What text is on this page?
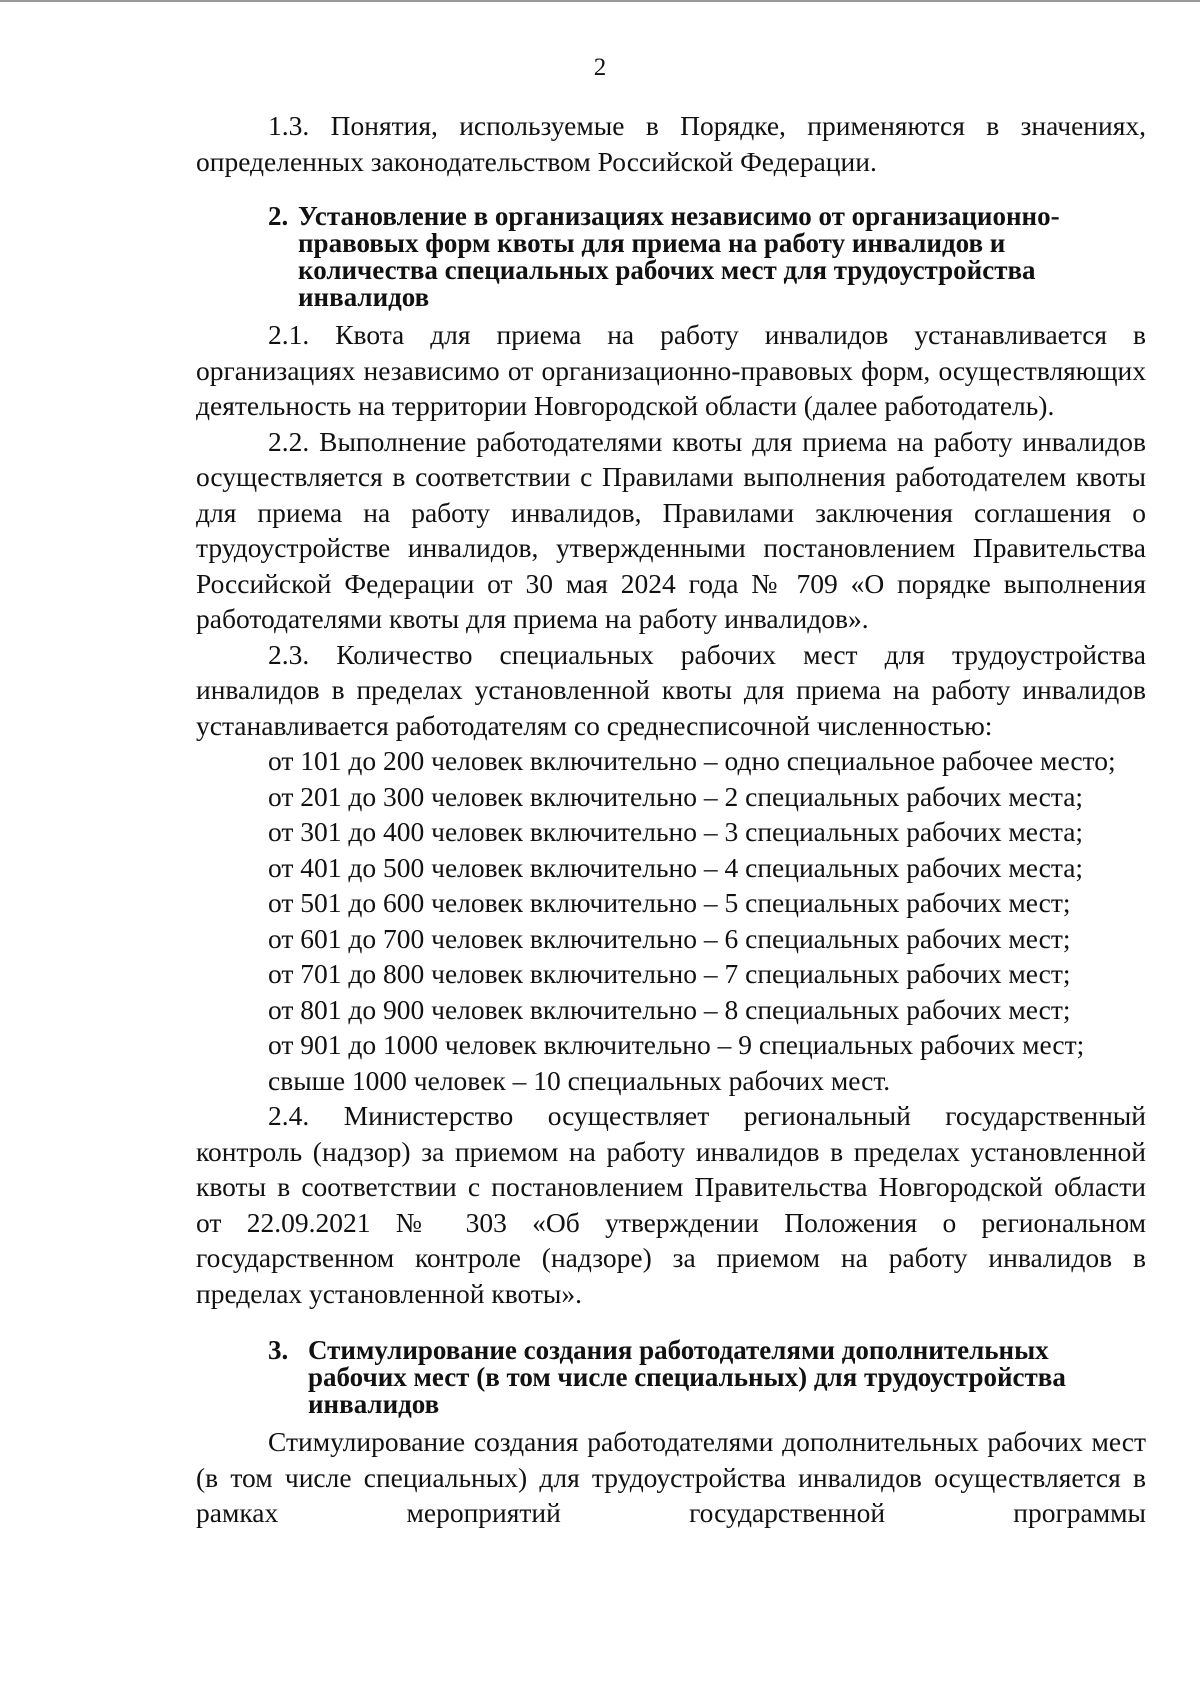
2

1.3. Понятия, используемые в Порядке, применяются в значениях, определенных законодательством Российской Федерации.

2. Установление в организациях независимо от организационно-правовых форм квоты для приема на работу инвалидов и количества специальных рабочих мест для трудоустройства инвалидов

2.1. Квота для приема на работу инвалидов устанавливается в организациях независимо от организационно-правовых форм, осуществляющих деятельность на территории Новгородской области (далее работодатель).

2.2. Выполнение работодателями квоты для приема на работу инвалидов осуществляется в соответствии с Правилами выполнения работодателем квоты для приема на работу инвалидов, Правилами заключения соглашения о трудоустройстве инвалидов, утвержденными постановлением Правительства Российской Федерации от 30 мая 2024 года № 709 «О порядке выполнения работодателями квоты для приема на работу инвалидов».

2.3. Количество специальных рабочих мест для трудоустройства инвалидов в пределах установленной квоты для приема на работу инвалидов устанавливается работодателям со среднесписочной численностью:

от 101 до 200 человек включительно – одно специальное рабочее место;

от 201 до 300 человек включительно – 2 специальных рабочих места;

от 301 до 400 человек включительно – 3 специальных рабочих места;

от 401 до 500 человек включительно – 4 специальных рабочих места;

от 501 до 600 человек включительно – 5 специальных рабочих мест;

от 601 до 700 человек включительно – 6 специальных рабочих мест;

от 701 до 800 человек включительно – 7 специальных рабочих мест;

от 801 до 900 человек включительно – 8 специальных рабочих мест;

от 901 до 1000 человек включительно – 9 специальных рабочих мест;

свыше 1000 человек – 10 специальных рабочих мест.

2.4. Министерство осуществляет региональный государственный контроль (надзор) за приемом на работу инвалидов в пределах установленной квоты в соответствии с постановлением Правительства Новгородской области от 22.09.2021 № 303 «Об утверждении Положения о региональном государственном контроле (надзоре) за приемом на работу инвалидов в пределах установленной квоты».

3. Стимулирование создания работодателями дополнительных рабочих мест (в том числе специальных) для трудоустройства инвалидов

Стимулирование создания работодателями дополнительных рабочих мест (в том числе специальных) для трудоустройства инвалидов осуществляется в рамках мероприятий государственной программы
